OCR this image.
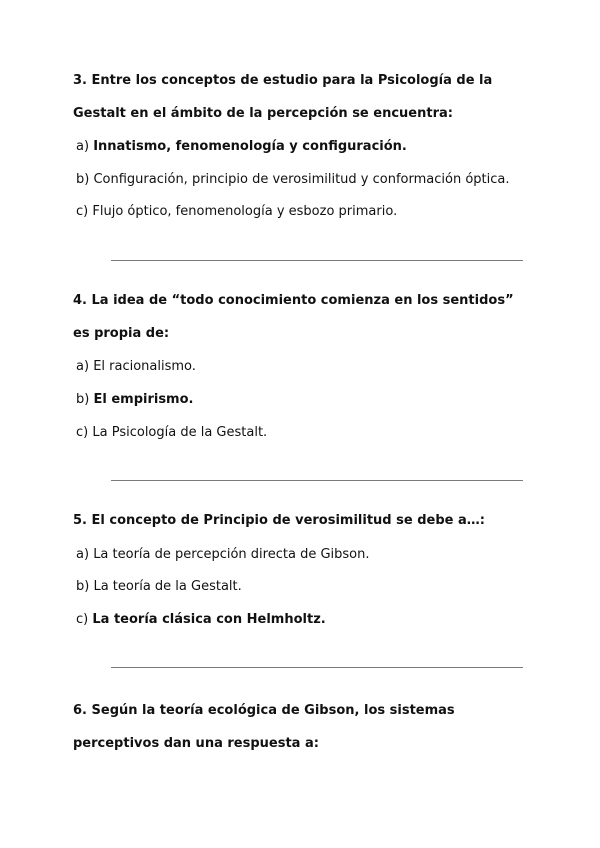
3. Entre los conceptos de estudio para la Psicología de la Gestalt en el ámbito de la percepción se encuentra:

a) Innatismo, fenomenología y configuración.

b) Configuración, principio de verosimilitud y conformación óptica.

c) Flujo óptico, fenomenología y esbozo primario.

4. La idea de “todo conocimiento comienza en los sentidos” es propia de:

a) El racionalismo.

b) El empirismo.

c) La Psicología de la Gestalt.

5. El concepto de Principio de verosimilitud se debe a…:

a) La teoría de percepción directa de Gibson.

b) La teoría de la Gestalt.

c) La teoría clásica con Helmholtz.

6. Según la teoría ecológica de Gibson, los sistemas perceptivos dan una respuesta a:
